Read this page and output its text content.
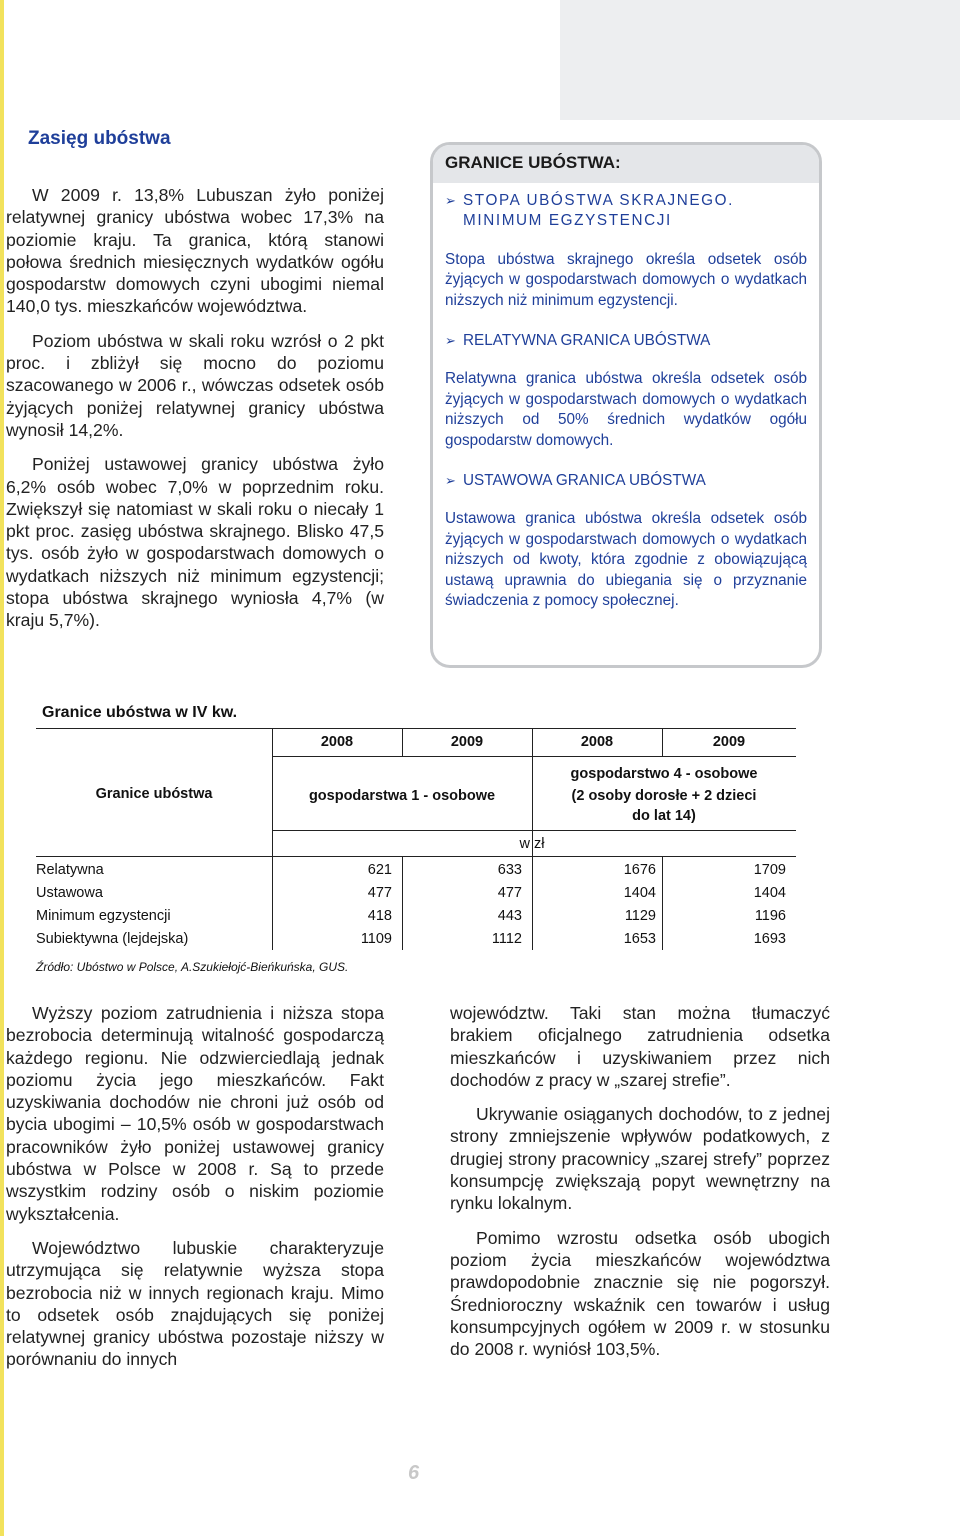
Zasięg ubóstwa

W 2009 r. 13,8% Lubuszan żyło poniżej relatywnej granicy ubóstwa wobec 17,3% na poziomie kraju. Ta granica, którą stanowi połowa średnich miesięcznych wydatków ogółu gospodarstw domowych czyni ubogimi niemal 140,0 tys. mieszkańców województwa.

Poziom ubóstwa w skali roku wzrósł o 2 pkt proc. i zbliżył się mocno do poziomu szacowanego w 2006 r., wówczas odsetek osób żyjących poniżej relatywnej granicy ubóstwa wynosił 14,2%.

Poniżej ustawowej granicy ubóstwa żyło 6,2% osób wobec 7,0% w poprzednim roku. Zwiększył się natomiast w skali roku o niecały 1 pkt proc. zasięg ubóstwa skrajnego. Blisko 47,5 tys. osób żyło w gospodarstwach domowych o wydatkach niższych niż minimum egzystencji; stopa ubóstwa skrajnego wyniosła 4,7% (w kraju 5,7%).

GRANICE UBÓSTWA:
➢ STOPA UBÓSTWA SKRAJNEGO. MINIMUM EGZYSTENCJI

Stopa ubóstwa skrajnego określa odsetek osób żyjących w gospodarstwach domowych o wydatkach niższych niż minimum egzystencji.

➢ RELATYWNA GRANICA UBÓSTWA

Relatywna granica ubóstwa określa odsetek osób żyjących w gospodarstwach domowych o wydatkach niższych od 50% średnich wydatków ogółu gospodarstw domowych.

➢ USTAWOWA GRANICA UBÓSTWA

Ustawowa granica ubóstwa określa odsetek osób żyjących w gospodarstwach domowych o wydatkach niższych od kwoty, która zgodnie z obowiązującą ustawą uprawnia do ubiegania się o przyznanie świadczenia z pomocy społecznej.

Granice ubóstwa w IV kw.
2008	2009	2008	2009
Granice ubóstwa	gospodarstwa 1 - osobowe
gospodarstwo 4 - osobowe
(2 osoby dorosłe + 2 dzieci
do lat 14)
w zł
Relatywna	621	633	1676	1709
Ustawowa	477	477	1404	1404
Minimum egzystencji	418	443	1129	1196
Subiektywna (lejdejska)	1109	1112	1653	1693
Źródło: Ubóstwo w Polsce, A.Szukiełojć-Bieńkuńska, GUS.

Wyższy poziom zatrudnienia i niższa stopa bezrobocia determinują witalność gospodarczą każdego regionu. Nie odzwierciedlają jednak poziomu życia jego mieszkańców. Fakt uzyskiwania dochodów nie chroni już osób od bycia ubogimi – 10,5% osób w gospodarstwach pracowników żyło poniżej ustawowej granicy ubóstwa w Polsce w 2008 r. Są to przede wszystkim rodziny osób o niskim poziomie wykształcenia.

Województwo lubuskie charakteryzuje utrzymująca się relatywnie wyższa stopa bezrobocia niż w innych regionach kraju. Mimo to odsetek osób znajdujących się poniżej relatywnej granicy ubóstwa pozostaje niższy w porównaniu do innych

województw. Taki stan można tłumaczyć brakiem oficjalnego zatrudnienia odsetka mieszkańców i uzyskiwaniem przez nich dochodów z pracy w „szarej strefie”.

Ukrywanie osiąganych dochodów, to z jednej strony zmniejszenie wpływów podatkowych, z drugiej strony pracownicy „szarej strefy” poprzez konsumpcję zwiększają popyt wewnętrzny na rynku lokalnym.

Pomimo wzrostu odsetka osób ubogich poziom życia mieszkańców województwa prawdopodobnie znacznie się nie pogorszył. Średnioroczny wskaźnik cen towarów i usług konsumpcyjnych ogółem w 2009 r. w stosunku do 2008 r. wyniósł 103,5%.

6
